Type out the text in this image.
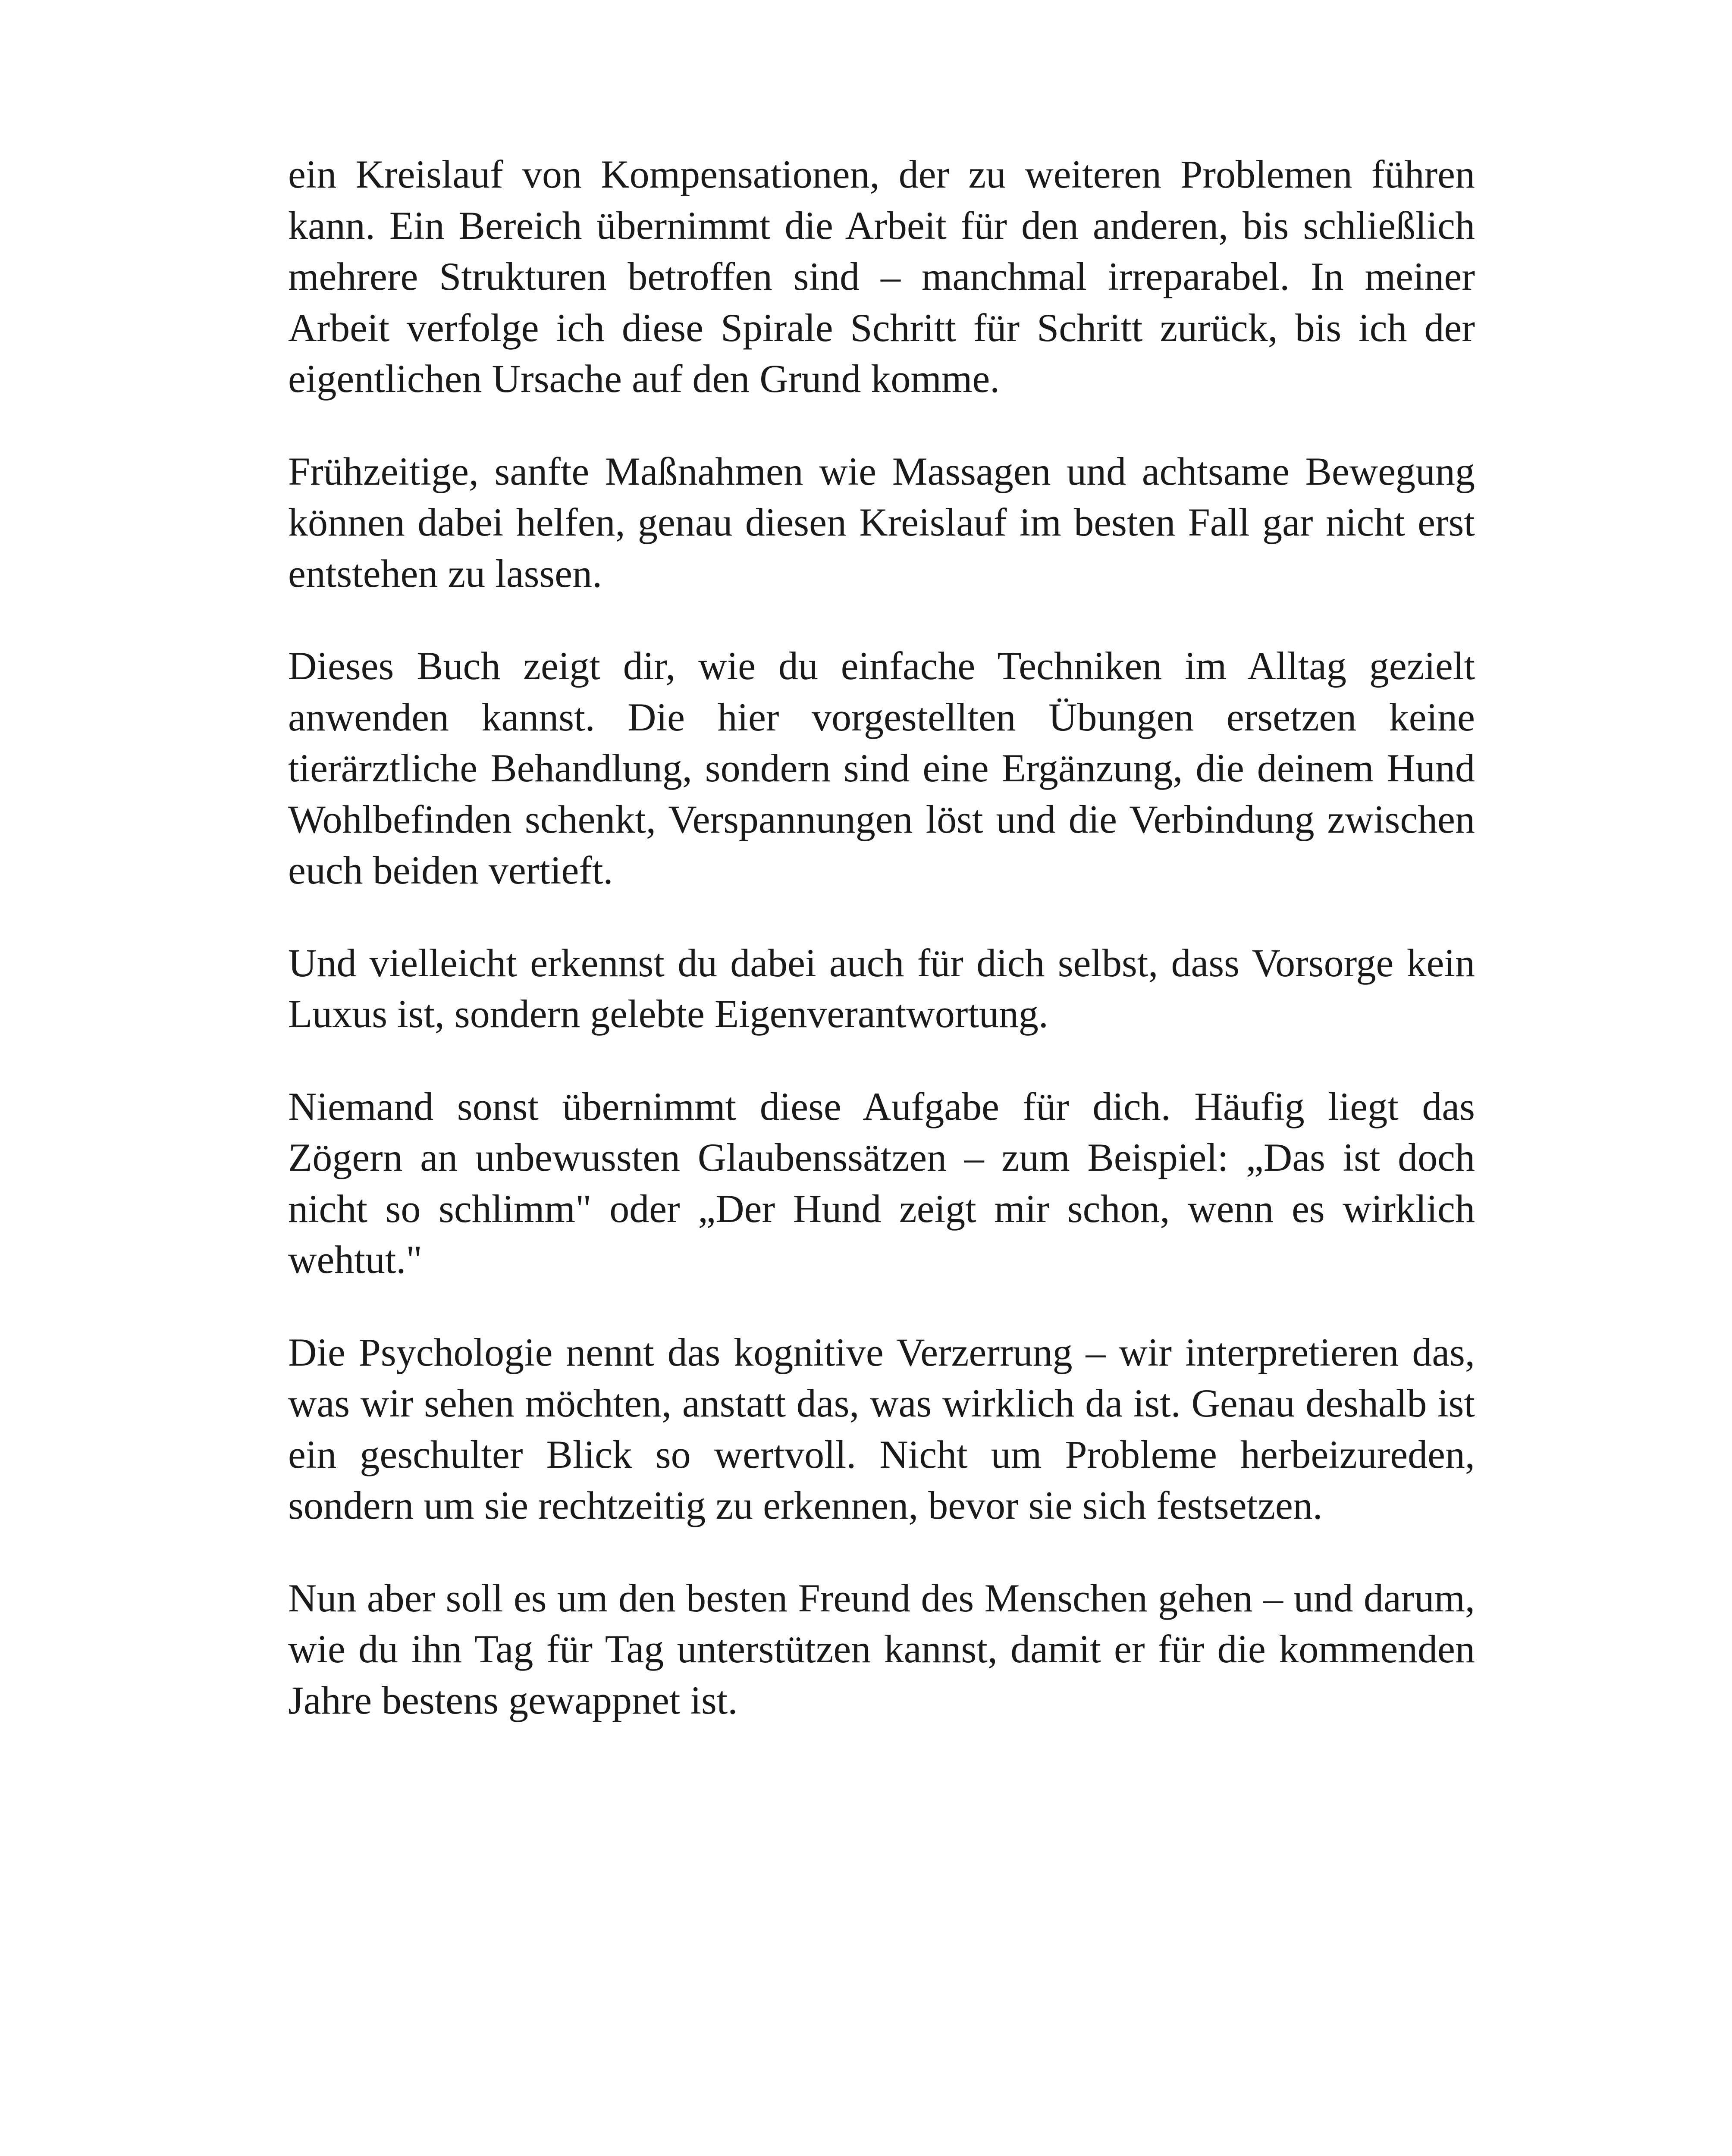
ein Kreislauf von Kompensationen, der zu weiteren Problemen führen kann. Ein Bereich übernimmt die Arbeit für den anderen, bis schließlich mehrere Strukturen betroffen sind – manchmal irreparabel. In meiner Arbeit verfolge ich diese Spirale Schritt für Schritt zurück, bis ich der eigentlichen Ursache auf den Grund komme.

Frühzeitige, sanfte Maßnahmen wie Massagen und achtsame Bewegung können dabei helfen, genau diesen Kreislauf im besten Fall gar nicht erst entstehen zu lassen.

Dieses Buch zeigt dir, wie du einfache Techniken im Alltag gezielt anwenden kannst. Die hier vorgestellten Übungen ersetzen keine tierärztliche Behandlung, sondern sind eine Ergänzung, die deinem Hund Wohlbefinden schenkt, Verspannungen löst und die Verbindung zwischen euch beiden vertieft.

Und vielleicht erkennst du dabei auch für dich selbst, dass Vorsorge kein Luxus ist, sondern gelebte Eigenverantwortung.

Niemand sonst übernimmt diese Aufgabe für dich. Häufig liegt das Zögern an unbewussten Glaubenssätzen – zum Beispiel: „Das ist doch nicht so schlimm" oder „Der Hund zeigt mir schon, wenn es wirklich wehtut."

Die Psychologie nennt das kognitive Verzerrung – wir interpretieren das, was wir sehen möchten, anstatt das, was wirklich da ist. Genau deshalb ist ein geschulter Blick so wertvoll. Nicht um Probleme herbeizureden, sondern um sie rechtzeitig zu erkennen, bevor sie sich festsetzen.

Nun aber soll es um den besten Freund des Menschen gehen – und darum, wie du ihn Tag für Tag unterstützen kannst, damit er für die kommenden Jahre bestens gewappnet ist.
